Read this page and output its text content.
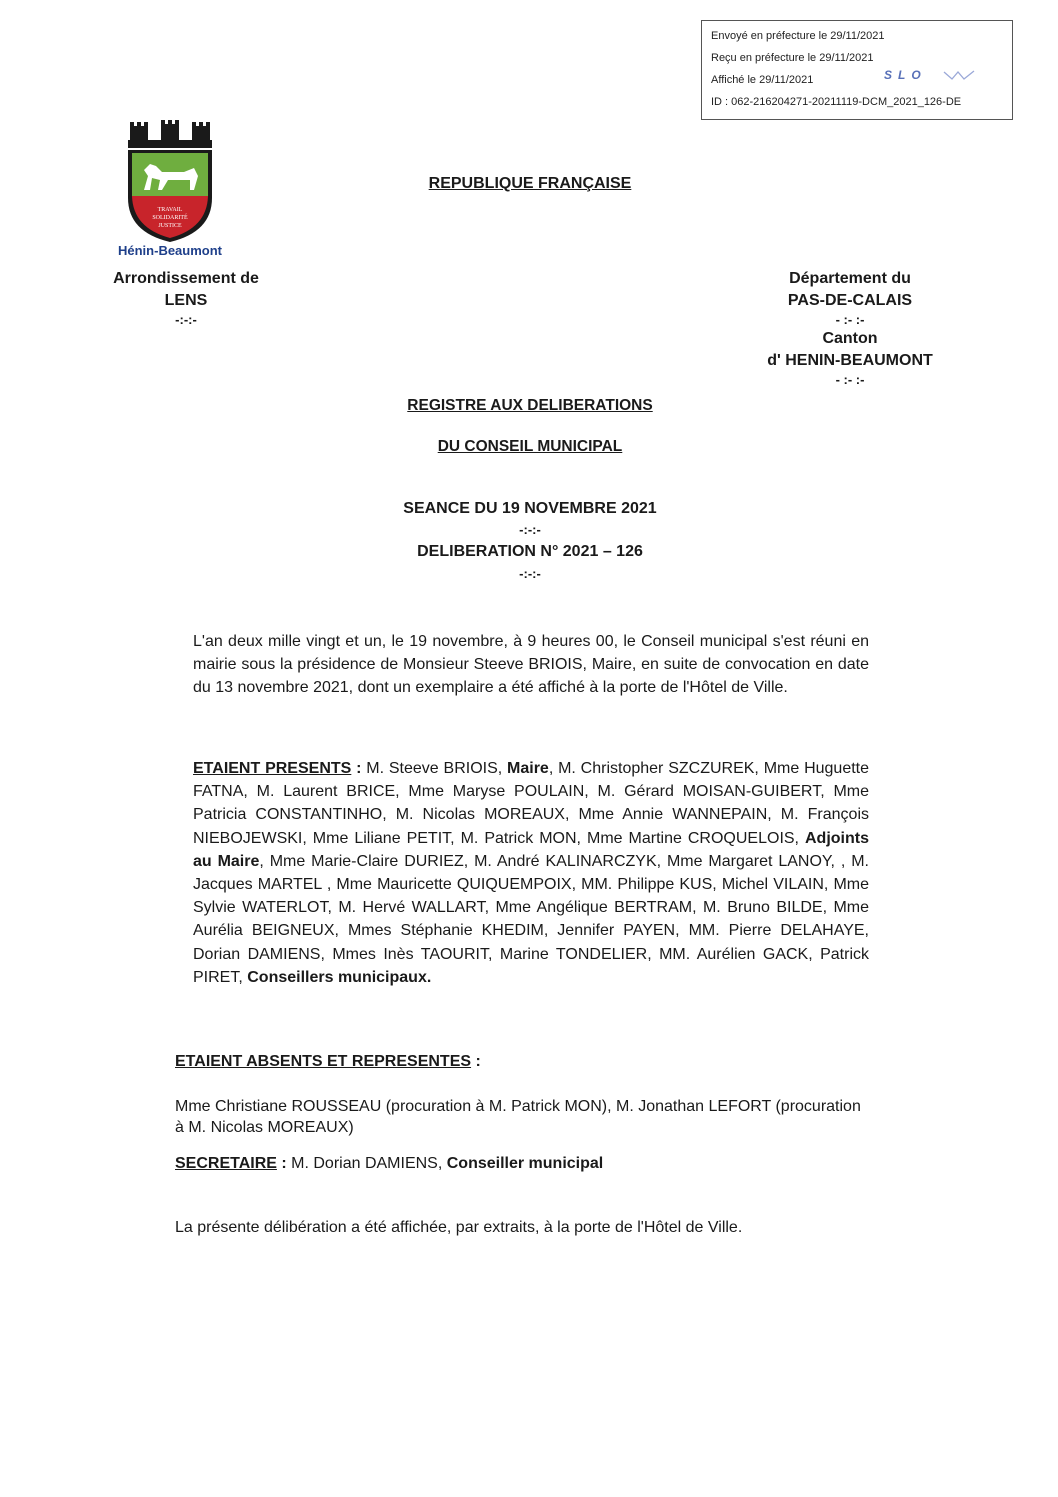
Envoyé en préfecture le 29/11/2021
Reçu en préfecture le 29/11/2021
Affiché le 29/11/2021
ID : 062-216204271-20211119-DCM_2021_126-DE
SLO
TRAVAIL
SOLIDARITÉ
JUSTICE
Hénin-Beaumont
REPUBLIQUE FRANÇAISE
Arrondissement de
LENS
-:-:-
Département du
PAS-DE-CALAIS
- :- :-
Canton
d' HENIN-BEAUMONT
- :- :-
REGISTRE AUX DELIBERATIONS
DU CONSEIL MUNICIPAL
SEANCE DU 19 NOVEMBRE 2021
-:-:-
DELIBERATION N° 2021 – 126
-:-:-
L'an deux mille vingt et un, le 19 novembre, à 9 heures 00, le Conseil municipal s'est réuni en mairie sous la présidence de Monsieur Steeve BRIOIS, Maire, en suite de convocation en date du 13 novembre 2021, dont un exemplaire a été affiché à la porte de l'Hôtel de Ville.
ETAIENT PRESENTS : M. Steeve BRIOIS, Maire, M. Christopher SZCZUREK, Mme Huguette FATNA, M. Laurent BRICE, Mme Maryse POULAIN, M. Gérard MOISAN-GUIBERT, Mme Patricia CONSTANTINHO, M. Nicolas MOREAUX, Mme Annie WANNEPAIN, M. François NIEBOJEWSKI, Mme Liliane PETIT, M. Patrick MON, Mme Martine CROQUELOIS, Adjoints au Maire, Mme Marie-Claire DURIEZ, M. André KALINARCZYK, Mme Margaret LANOY, , M. Jacques MARTEL , Mme Mauricette QUIQUEMPOIX, MM. Philippe KUS, Michel VILAIN, Mme Sylvie WATERLOT, M. Hervé WALLART, Mme Angélique BERTRAM, M. Bruno BILDE, Mme Aurélia BEIGNEUX, Mmes Stéphanie KHEDIM, Jennifer PAYEN, MM. Pierre DELAHAYE, Dorian DAMIENS, Mmes Inès TAOURIT, Marine TONDELIER, MM. Aurélien GACK, Patrick PIRET, Conseillers municipaux.
ETAIENT ABSENTS ET REPRESENTES :
Mme Christiane ROUSSEAU (procuration à M. Patrick MON), M. Jonathan LEFORT (procuration à M. Nicolas MOREAUX)
SECRETAIRE : M. Dorian DAMIENS, Conseiller municipal
La présente délibération a été affichée, par extraits, à la porte de l'Hôtel de Ville.
